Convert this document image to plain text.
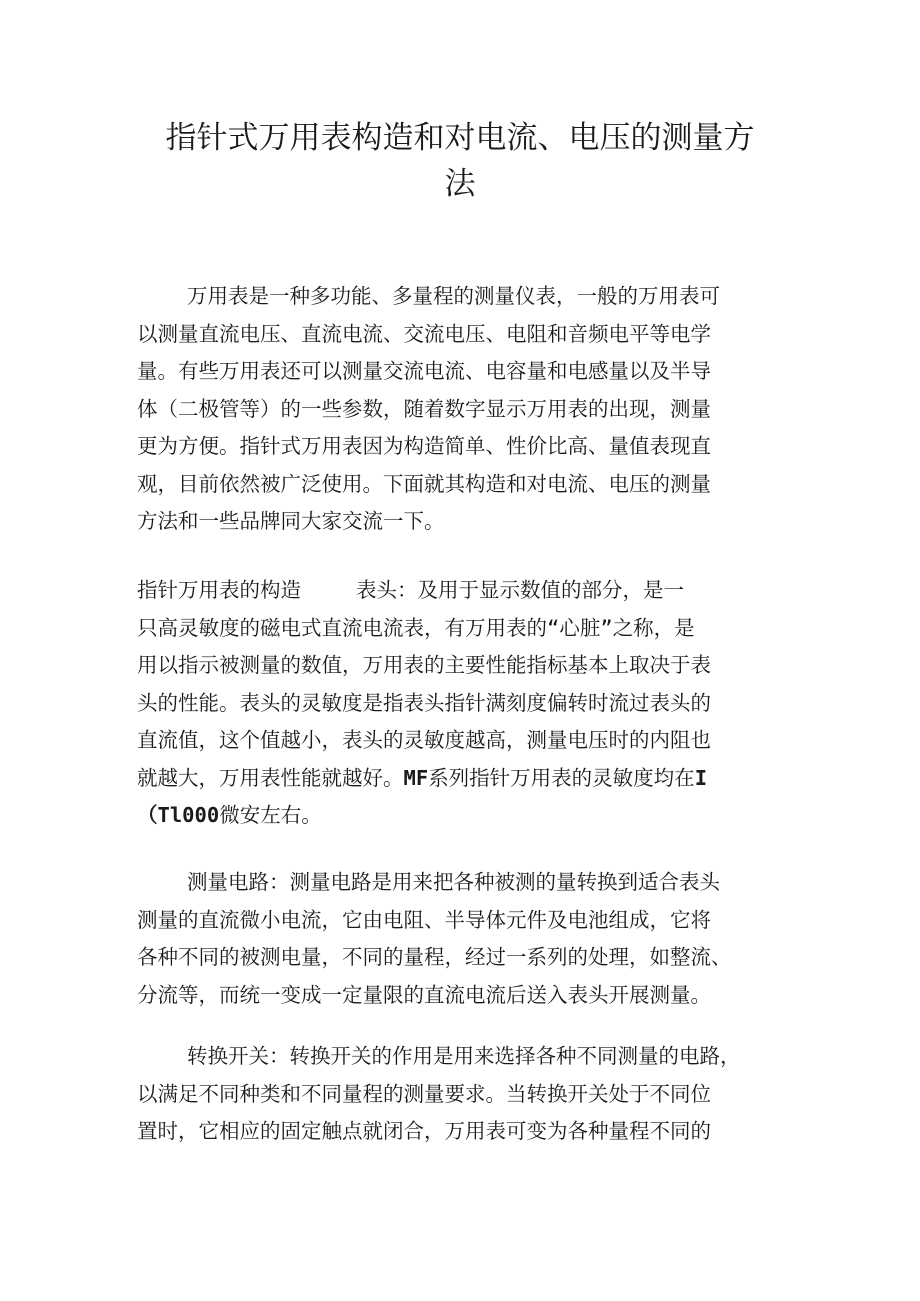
指针式万用表构造和对电流、电压的测量方
法
万用表是一种多功能、多量程的测量仪表，一般的万用表可
以测量直流电压、直流电流、交流电压、电阻和音频电平等电学
量。有些万用表还可以测量交流电流、电容量和电感量以及半导
体（二极管等）的一些参数，随着数字显示万用表的出现，测量
更为方便。指针式万用表因为构造简单、性价比高、量值表现直
观，目前依然被广泛使用。下面就其构造和对电流、电压的测量
方法和一些品牌同大家交流一下。
指针万用表的构造	表头：及用于显示数值的部分，是一
只高灵敏度的磁电式直流电流表，有万用表的“心脏”之称，是
用以指示被测量的数值，万用表的主要性能指标基本上取决于表
头的性能。表头的灵敏度是指表头指针满刻度偏转时流过表头的
直流值，这个值越小，表头的灵敏度越高，测量电压时的内阻也
就越大，万用表性能就越好。MF系列指针万用表的灵敏度均在I
（Tl000微安左右。
测量电路：测量电路是用来把各种被测的量转换到适合表头
测量的直流微小电流，它由电阻、半导体元件及电池组成，它将
各种不同的被测电量，不同的量程，经过一系列的处理，如整流、
分流等，而统一变成一定量限的直流电流后送入表头开展测量。
转换开关：转换开关的作用是用来选择各种不同测量的电路，
以满足不同种类和不同量程的测量要求。当转换开关处于不同位
置时，它相应的固定触点就闭合，万用表可变为各种量程不同的
